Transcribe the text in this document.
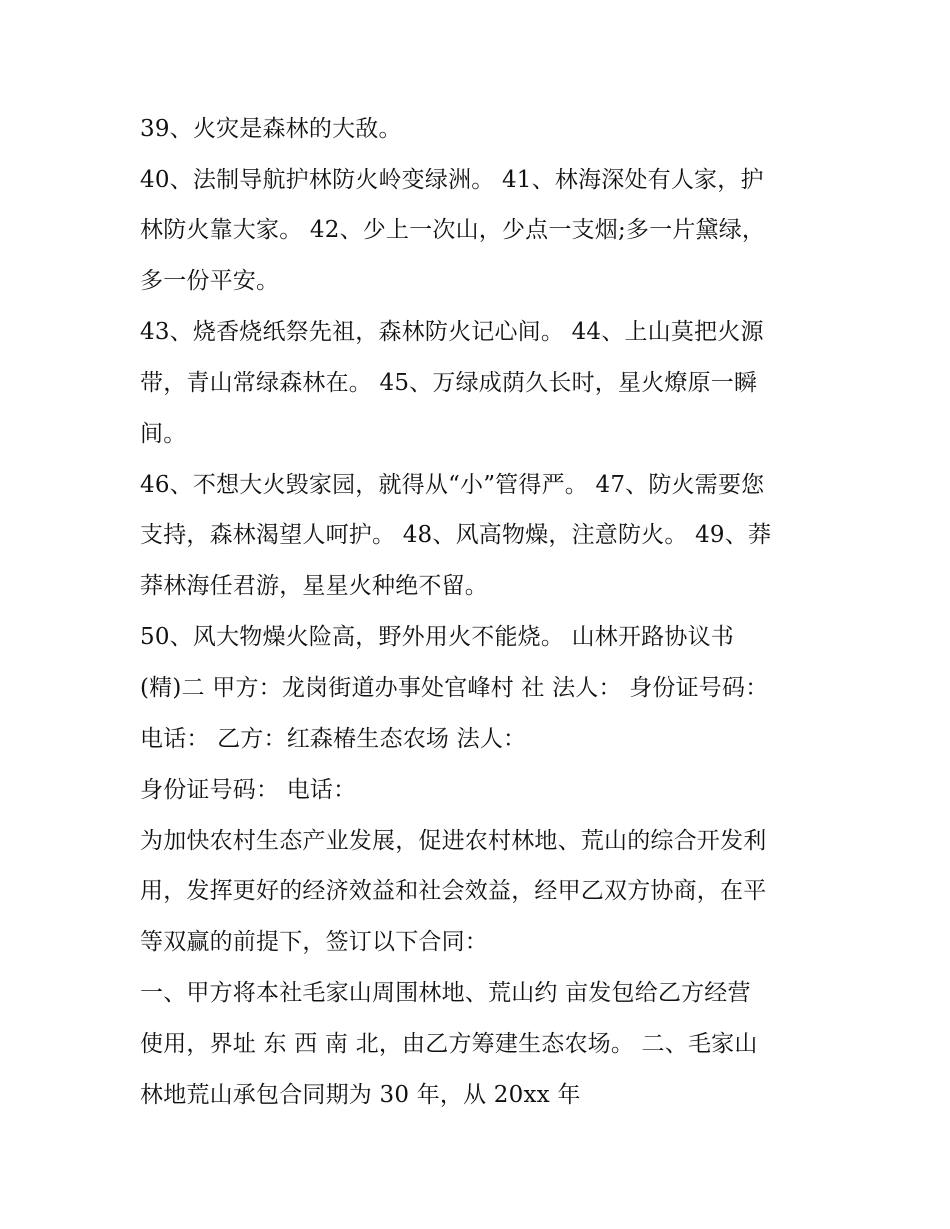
39、火灾是森林的大敌。
40、法制导航护林防火岭变绿洲。 41、林海深处有人家，护
林防火靠大家。 42、少上一次山，少点一支烟;多一片黛绿，
多一份平安。
43、烧香烧纸祭先祖，森林防火记心间。 44、上山莫把火源
带，青山常绿森林在。 45、万绿成荫久长时，星火燎原一瞬
间。
46、不想大火毁家园，就得从“小”管得严。 47、防火需要您
支持，森林渴望人呵护。 48、风高物燥，注意防火。 49、莽
莽林海任君游，星星火种绝不留。
50、风大物燥火险高，野外用火不能烧。 山林开路协议书
(精)二 甲方：龙岗街道办事处官峰村 社 法人： 身份证号码：
电话： 乙方：红森椿生态农场 法人：
身份证号码： 电话：
为加快农村生态产业发展，促进农村林地、荒山的综合开发利
用，发挥更好的经济效益和社会效益，经甲乙双方协商，在平
等双赢的前提下，签订以下合同：
一、甲方将本社毛家山周围林地、荒山约 亩发包给乙方经营
使用，界址 东 西 南 北，由乙方筹建生态农场。 二、毛家山
林地荒山承包合同期为 30 年，从 20xx 年
